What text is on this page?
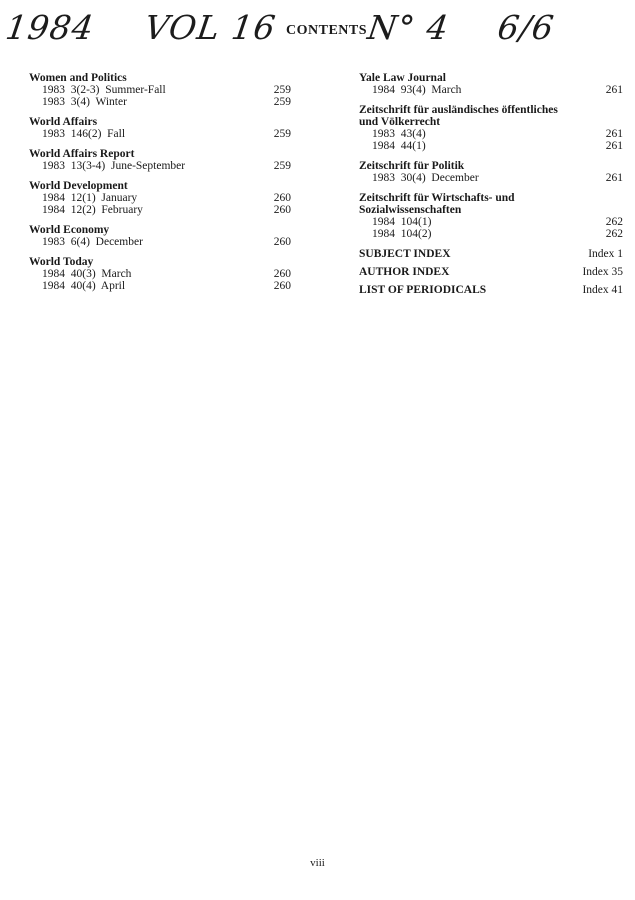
1984 VOL 16 CONTENTS
N° 4 6/6
Women and Politics
1983  3(2-3)  Summer-Fall	259
1983  3(4)  Winter	259
World Affairs
1983  146(2)  Fall	259
World Affairs Report
1983  13(3-4)  June-September	259
World Development
1984  12(1)  January	260
1984  12(2)  February	260
World Economy
1983  6(4)  December	260
World Today
1984  40(3)  March	260
1984  40(4)  April	260
Yale Law Journal
1984  93(4)  March	261
Zeitschrift für ausländisches öffentliches
und Völkerrecht
1983  43(4)	261
1984  44(1)	261
Zeitschrift für Politik
1983  30(4)  December	261
Zeitschrift für Wirtschafts- und
Sozialwissenschaften
1984  104(1)	262
1984  104(2)	262
SUBJECT INDEX	Index 1
AUTHOR INDEX	Index 35
LIST OF PERIODICALS	Index 41
viii
